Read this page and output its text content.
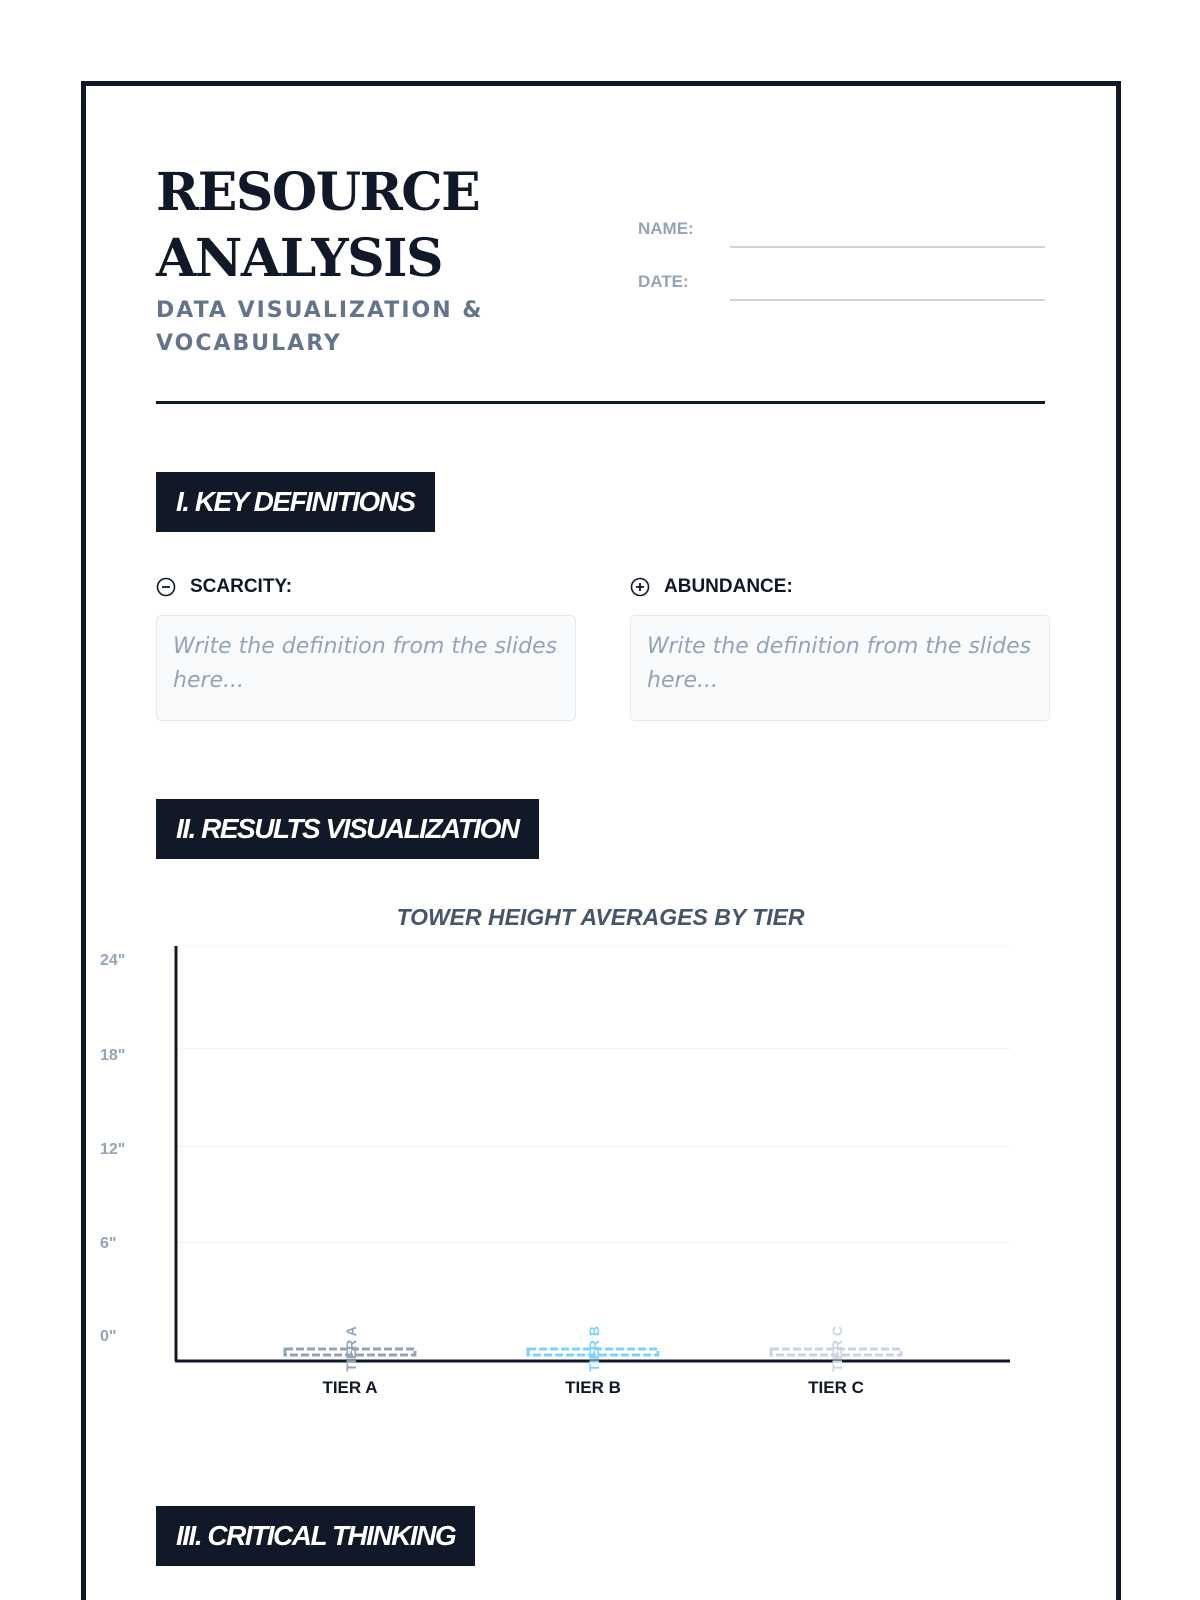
RESOURCE
ANALYSIS
DATA VISUALIZATION & VOCABULARY
NAME:
DATE:
I. KEY DEFINITIONS
SCARCITY:
Write the definition from the slides here...
ABUNDANCE:
Write the definition from the slides here...
II. RESULTS VISUALIZATION
TOWER HEIGHT AVERAGES BY TIER
0"
6"
12"
18"
24"
TIER A
TIER A
TIER B
TIER B
TIER C
TIER C
III. CRITICAL THINKING
